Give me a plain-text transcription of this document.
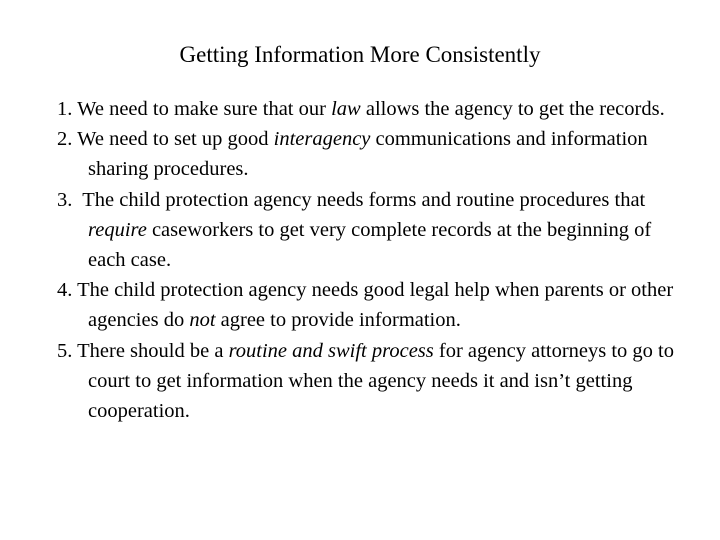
Getting Information More Consistently
1. We need to make sure that our law allows the agency to get the records.
2. We need to set up good interagency communications and information sharing procedures.
3.  The child protection agency needs forms and routine procedures that require caseworkers to get very complete records at the beginning of each case.
4. The child protection agency needs good legal help when parents or other agencies do not agree to provide information.
5. There should be a routine and swift process for agency attorneys to go to court to get information when the agency needs it and isn’t getting cooperation.
